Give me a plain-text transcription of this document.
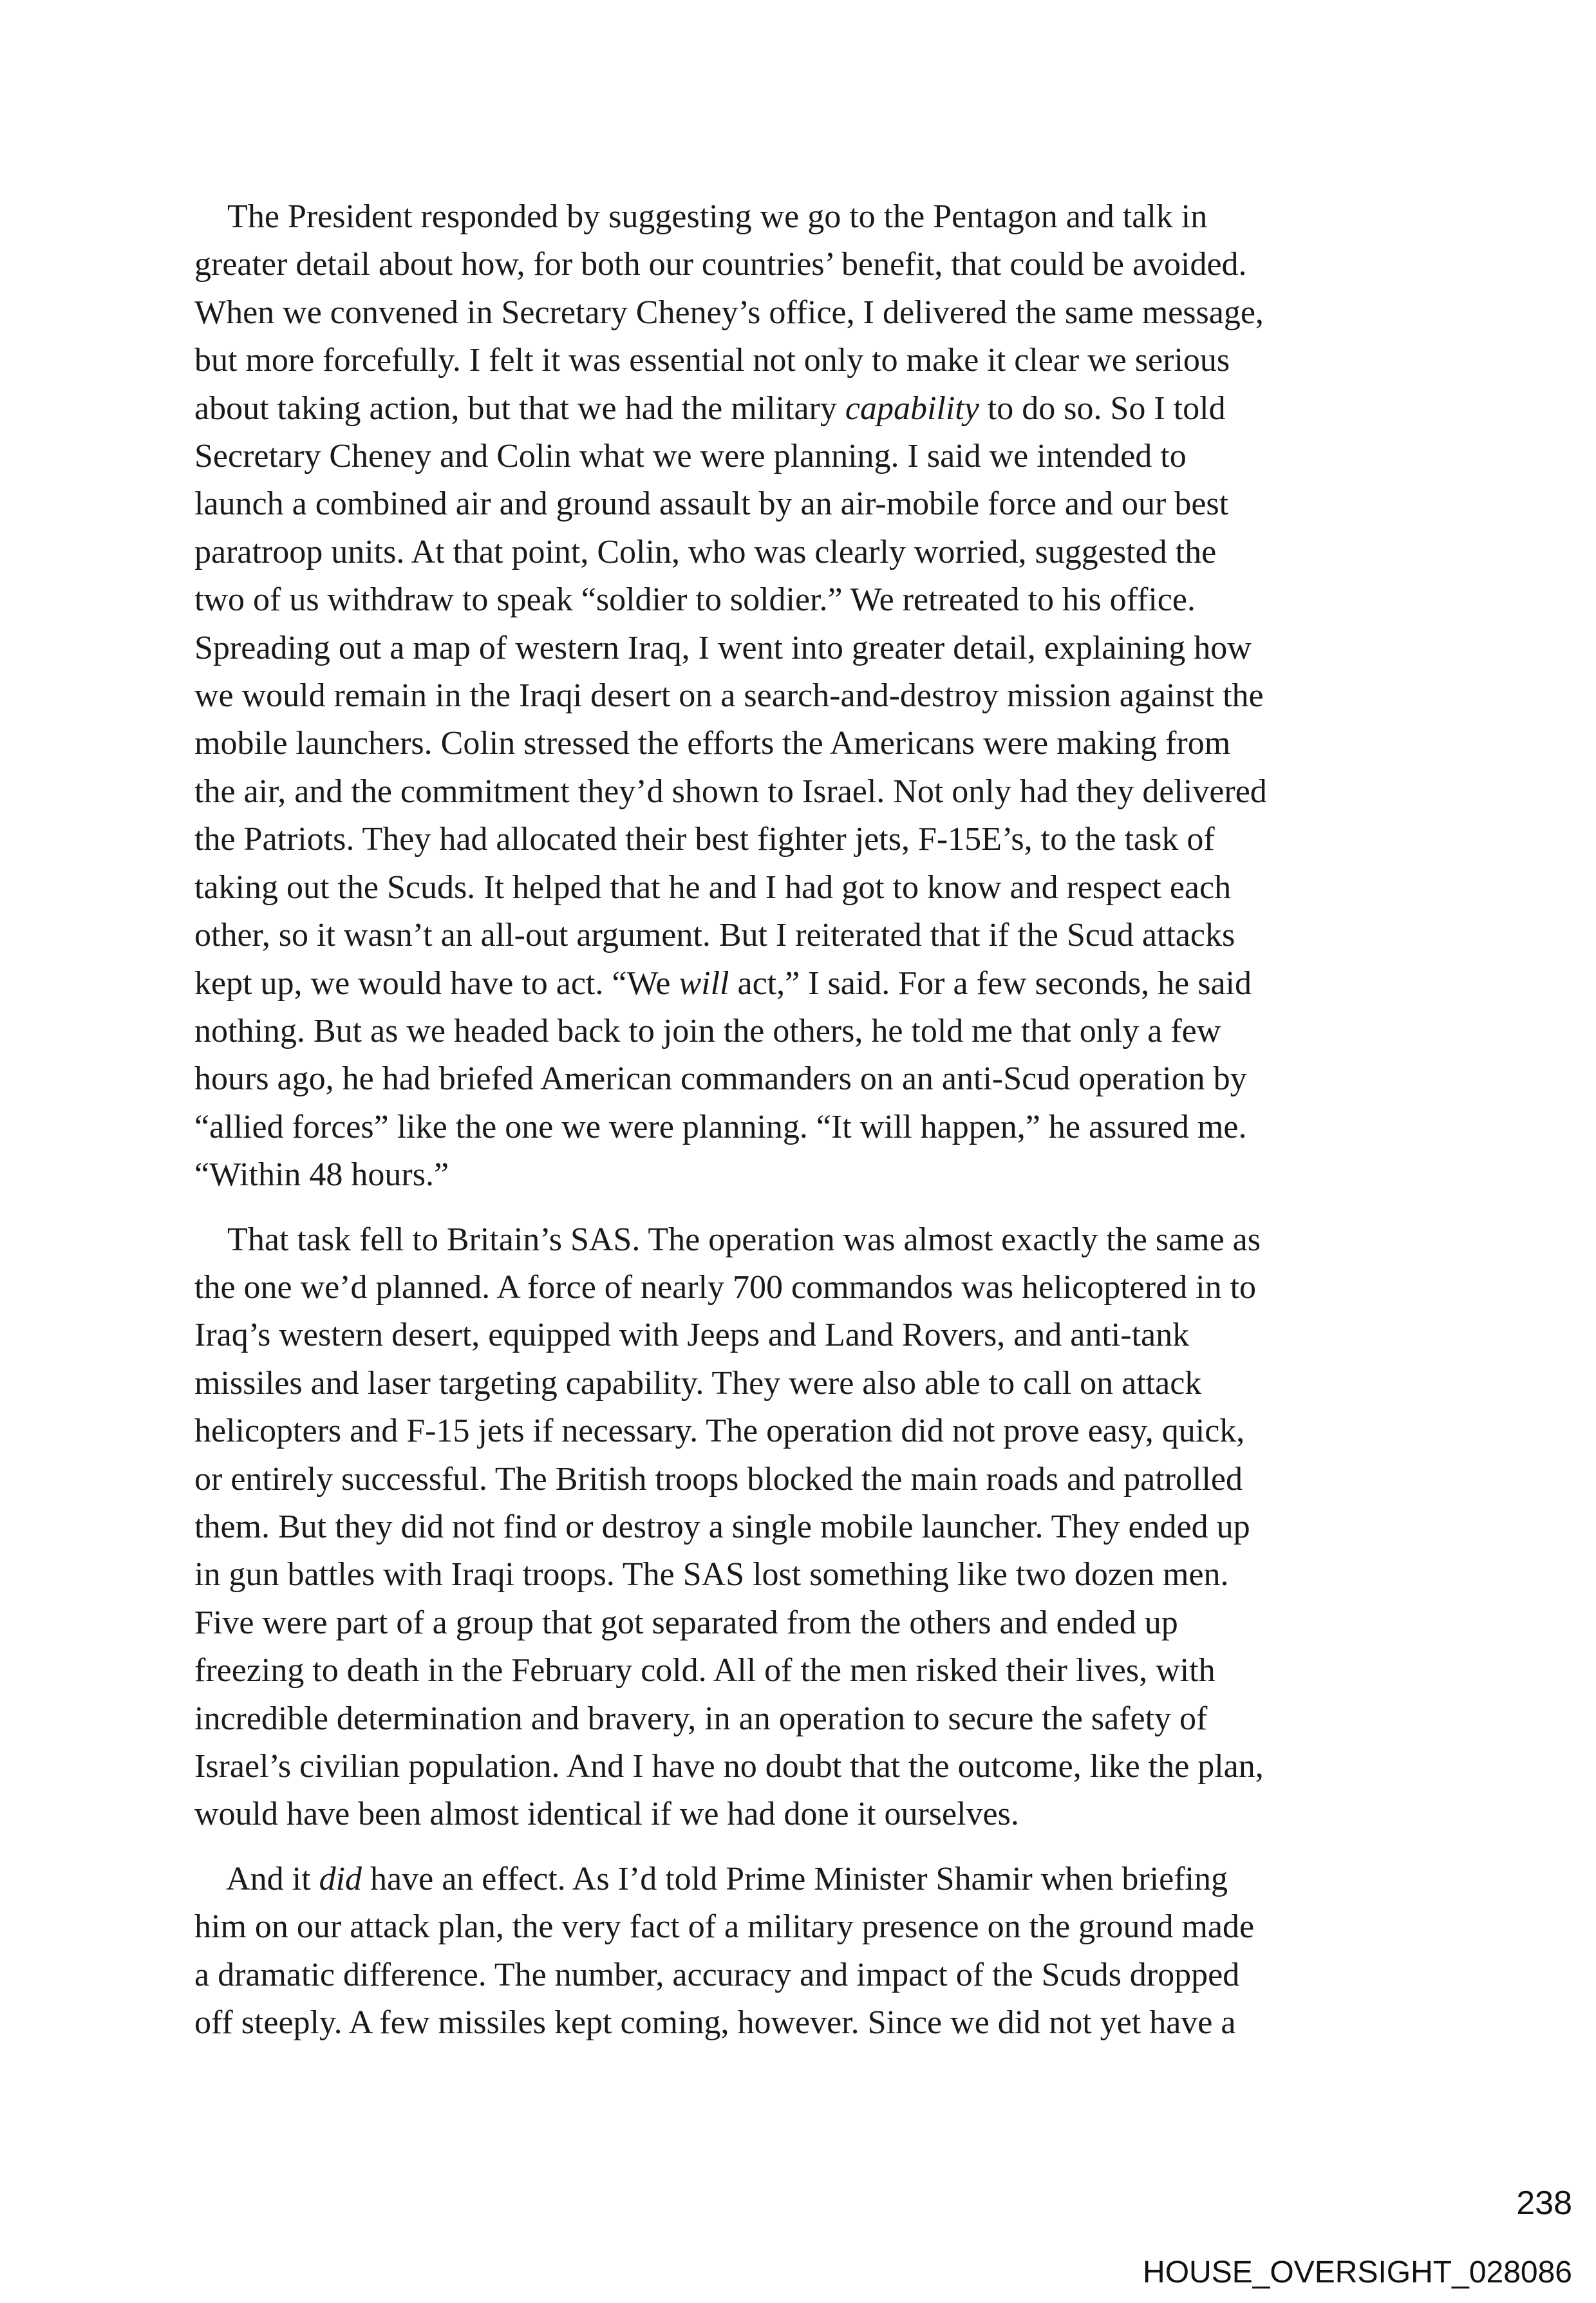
The President responded by suggesting we go to the Pentagon and talk in
greater detail about how, for both our countries’ benefit, that could be avoided.
When we convened in Secretary Cheney’s office, I delivered the same message,
but more forcefully. I felt it was essential not only to make it clear we serious
about taking action, but that we had the military capability to do so. So I told
Secretary Cheney and Colin what we were planning. I said we intended to
launch a combined air and ground assault by an air-mobile force and our best
paratroop units. At that point, Colin, who was clearly worried, suggested the
two of us withdraw to speak “soldier to soldier.” We retreated to his office.
Spreading out a map of western Iraq, I went into greater detail, explaining how
we would remain in the Iraqi desert on a search-and-destroy mission against the
mobile launchers. Colin stressed the efforts the Americans were making from
the air, and the commitment they’d shown to Israel. Not only had they delivered
the Patriots. They had allocated their best fighter jets, F-15E’s, to the task of
taking out the Scuds. It helped that he and I had got to know and respect each
other, so it wasn’t an all-out argument. But I reiterated that if the Scud attacks
kept up, we would have to act. “We will act,” I said. For a few seconds, he said
nothing. But as we headed back to join the others, he told me that only a few
hours ago, he had briefed American commanders on an anti-Scud operation by
“allied forces” like the one we were planning. “It will happen,” he assured me.
“Within 48 hours.”
That task fell to Britain’s SAS. The operation was almost exactly the same as
the one we’d planned. A force of nearly 700 commandos was helicoptered in to
Iraq’s western desert, equipped with Jeeps and Land Rovers, and anti-tank
missiles and laser targeting capability. They were also able to call on attack
helicopters and F-15 jets if necessary. The operation did not prove easy, quick,
or entirely successful. The British troops blocked the main roads and patrolled
them. But they did not find or destroy a single mobile launcher. They ended up
in gun battles with Iraqi troops. The SAS lost something like two dozen men.
Five were part of a group that got separated from the others and ended up
freezing to death in the February cold. All of the men risked their lives, with
incredible determination and bravery, in an operation to secure the safety of
Israel’s civilian population. And I have no doubt that the outcome, like the plan,
would have been almost identical if we had done it ourselves.
And it did have an effect. As I’d told Prime Minister Shamir when briefing
him on our attack plan, the very fact of a military presence on the ground made
a dramatic difference. The number, accuracy and impact of the Scuds dropped
off steeply. A few missiles kept coming, however. Since we did not yet have a

238

HOUSE_OVERSIGHT_028086
